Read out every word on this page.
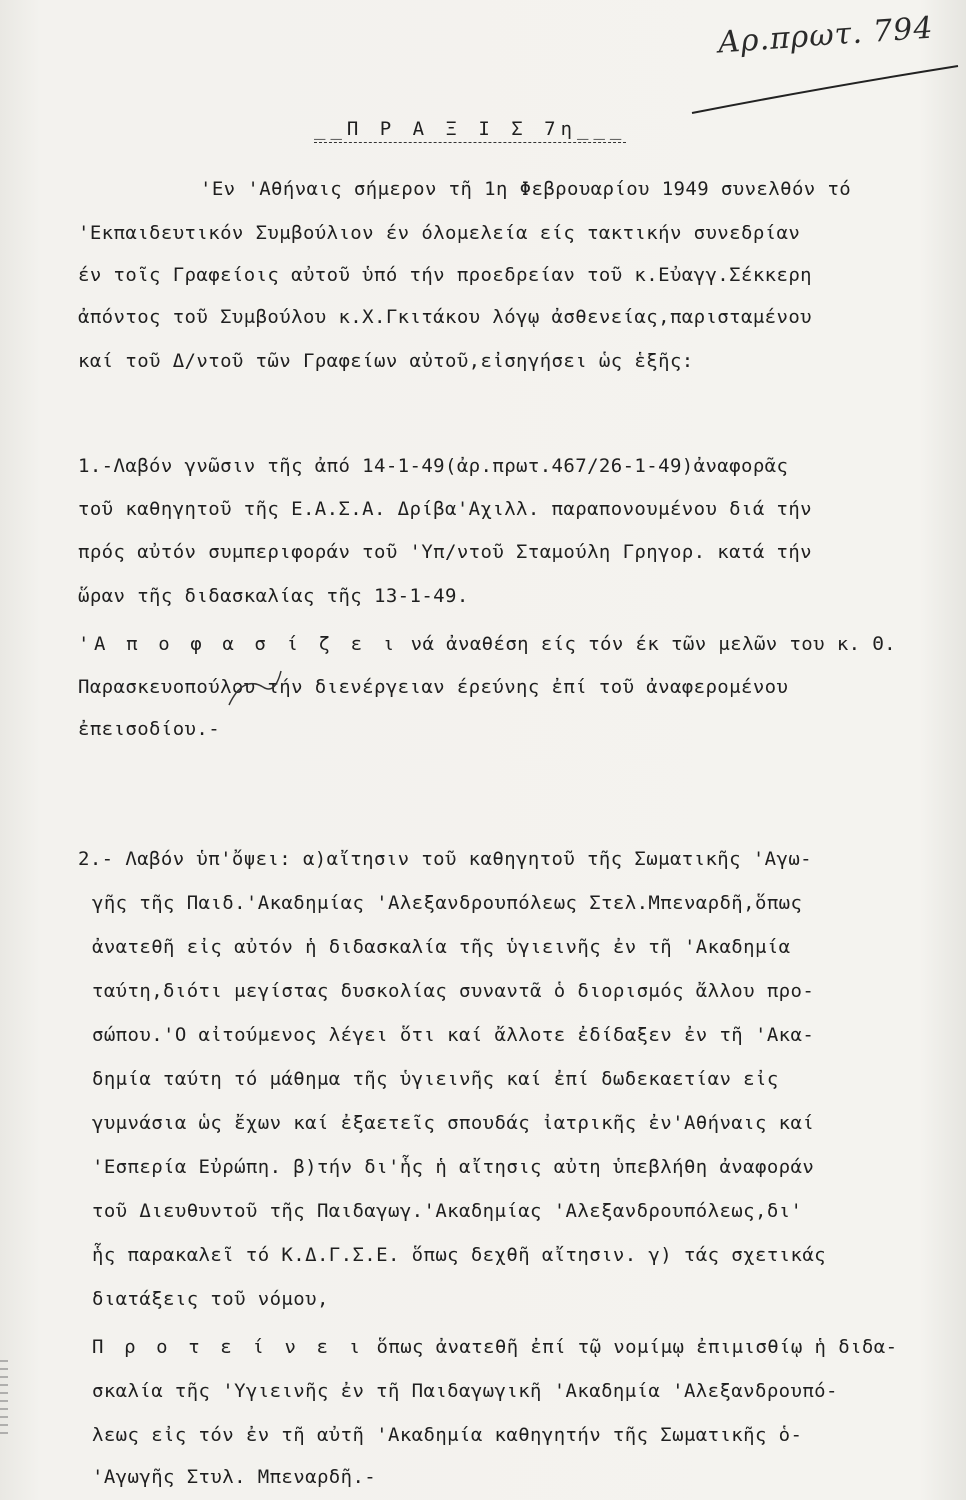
Αρ.πρωτ. 794
__Π Ρ Α Ξ Ι Σ 7η___
'Εν 'Αθήναις σήμερον τῆ 1η Φεβρουαρίου 1949 συνελθόν τό
'Εκπαιδευτικόν Συμβούλιον έν όλομελεία είς τακτικήν συνεδρίαν
έν τοῖς Γραφείοις αὐτοῦ ὑπό τήν προεδρείαν τοῦ κ.Εὐαγγ.Σέκκερη
ἀπόντος τοῦ Συμβούλου κ.Χ.Γκιτάκου λόγῳ ἀσθενείας,παρισταμένου
καί τοῦ Δ/ντοῦ τῶν Γραφείων αὐτοῦ,εἰσηγήσει ὡς ἑξῆς:
1.-Λαβόν γνῶσιν τῆς ἀπό 14-1-49(ἀρ.πρωτ.467/26-1-49)ἀναφορᾶς
τοῦ καθηγητοῦ τῆς Ε.Α.Σ.Α. Δρίβα'Αχιλλ. παραπονουμένου διά τήν
πρός αὐτόν συμπεριφοράν τοῦ 'Υπ/ντοῦ Σταμούλη Γρηγορ. κατά τήν
ὥραν τῆς διδασκαλίας τῆς 13-1-49.
'Α π ο φ α σ ί ζ ε ι νά ἀναθέση είς τόν έκ τῶν μελῶν του κ. Θ.
Παρασκευοπούλου τήν διενέργειαν έρεύνης ἐπί τοῦ ἀναφερομένου
ἐπεισοδίου.-
2.- Λαβόν ὑπ'ὄψει: α)αἴτησιν τοῦ καθηγητοῦ τῆς Σωματικῆς 'Αγω-
γῆς τῆς Παιδ.'Ακαδημίας 'Αλεξανδρουπόλεως Στελ.Μπεναρδῆ,ὅπως
ἀνατεθῆ εἰς αὐτόν ἡ διδασκαλία τῆς ὑγιεινῆς ἐν τῆ 'Ακαδημία
ταύτη,διότι μεγίστας δυσκολίας συναντᾶ ὁ διορισμός ἄλλου προ-
σώπου.'Ο αἰτούμενος λέγει ὅτι καί ἄλλοτε ἐδίδαξεν ἐν τῆ 'Ακα-
δημία ταύτη τό μάθημα τῆς ὑγιεινῆς καί ἐπί δωδεκαετίαν εἰς
γυμνάσια ὡς ἔχων καί ἐξαετεῖς σπουδάς ἰατρικῆς ἐν'Αθήναις καί
'Εσπερία Εὐρώπη. β)τήν δι'ἧς ἡ αἴτησις αὐτη ὑπεβλήθη ἀναφοράν
τοῦ Διευθυντοῦ τῆς Παιδαγωγ.'Ακαδημίας 'Αλεξανδρουπόλεως,δι'
ἧς παρακαλεῖ τό Κ.Δ.Γ.Σ.Ε. ὅπως δεχθῆ αἴτησιν. γ) τάς σχετικάς
διατάξεις τοῦ νόμου,
Π ρ ο τ ε ί ν ε ι ὅπως ἀνατεθῆ ἐπί τῷ νομίμῳ ἐπιμισθίῳ ἡ διδα-
σκαλία τῆς 'Υγιεινῆς ἐν τῆ Παιδαγωγικῆ 'Ακαδημία 'Αλεξανδρουπό-
λεως εἰς τόν ἐν τῆ αὐτῆ 'Ακαδημία καθηγητήν τῆς Σωματικῆς ὁ-
'Αγωγῆς Στυλ. Μπεναρδῆ.-
